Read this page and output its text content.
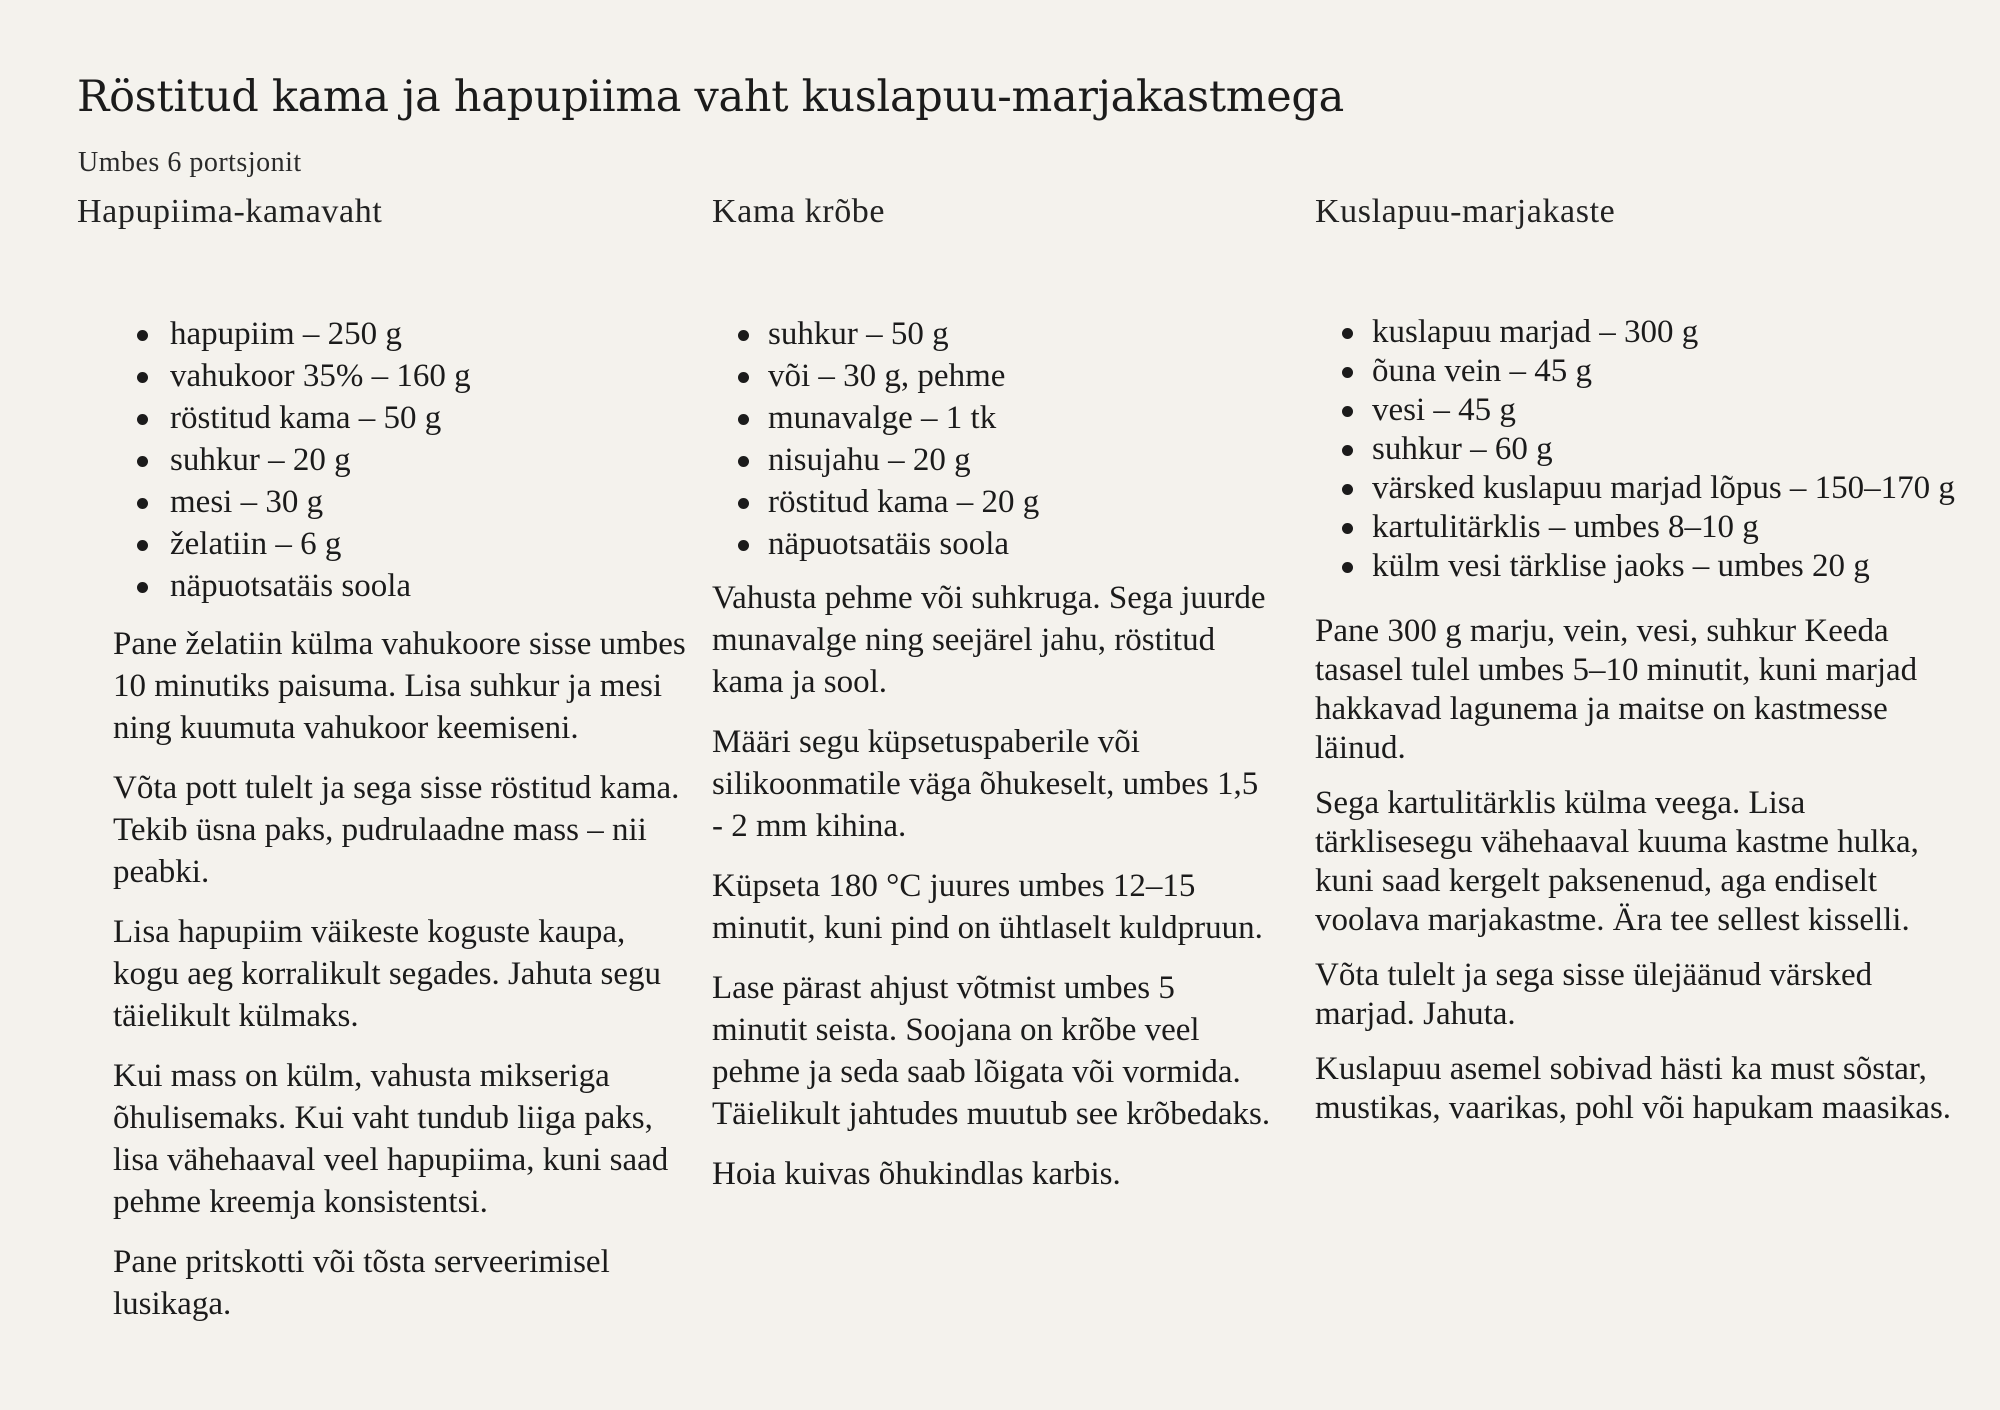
Röstitud kama ja hapupiima vaht kuslapuu-marjakastmega

Umbes 6 portsjonit

Hapupiima-kamavaht
hapupiim – 250 g
vahukoor 35% – 160 g
röstitud kama – 50 g
suhkur – 20 g
mesi – 30 g
želatiin – 6 g
näpuotsatäis soola

Pane želatiin külma vahukoore sisse umbes 10 minutiks paisuma. Lisa suhkur ja mesi ning kuumuta vahukoor keemiseni.

Võta pott tulelt ja sega sisse röstitud kama. Tekib üsna paks, pudrulaadne mass – nii peabki.

Lisa hapupiim väikeste koguste kaupa, kogu aeg korralikult segades. Jahuta segu täielikult külmaks.

Kui mass on külm, vahusta mikseriga õhulisemaks. Kui vaht tundub liiga paks, lisa vähehaaval veel hapupiima, kuni saad pehme kreemja konsistentsi.

Pane pritskotti või tõsta serveerimisel lusikaga.

Kama krõbe
suhkur – 50 g
või – 30 g, pehme
munavalge – 1 tk
nisujahu – 20 g
röstitud kama – 20 g
näpuotsatäis soola

Vahusta pehme või suhkruga. Sega juurde munavalge ning seejärel jahu, röstitud kama ja sool.

Määri segu küpsetuspaberile või silikoonmatile väga õhukeselt, umbes 1,5 - 2 mm kihina.

Küpseta 180 °C juures umbes 12–15 minutit, kuni pind on ühtlaselt kuldpruun.

Lase pärast ahjust võtmist umbes 5 minutit seista. Soojana on krõbe veel pehme ja seda saab lõigata või vormida.

Täielikult jahtudes muutub see krõbedaks.

Hoia kuivas õhukindlas karbis.

Kuslapuu-marjakaste
kuslapuu marjad – 300 g
õuna vein – 45 g
vesi – 45 g
suhkur – 60 g
värsked kuslapuu marjad lõpus – 150–170 g
kartulitärklis – umbes 8–10 g
külm vesi tärklise jaoks – umbes 20 g

Pane 300 g marju, vein, vesi, suhkur Keeda tasasel tulel umbes 5–10 minutit, kuni marjad hakkavad lagunema ja maitse on kastmesse läinud.

Sega kartulitärklis külma veega. Lisa tärklisesegu vähehaaval kuuma kastme hulka, kuni saad kergelt paksenenud, aga endiselt voolava marjakastme. Ära tee sellest kisselli.

Võta tulelt ja sega sisse ülejäänud värsked marjad. Jahuta.

Kuslapuu asemel sobivad hästi ka must sõstar, mustikas, vaarikas, pohl või hapukam maasikas.
